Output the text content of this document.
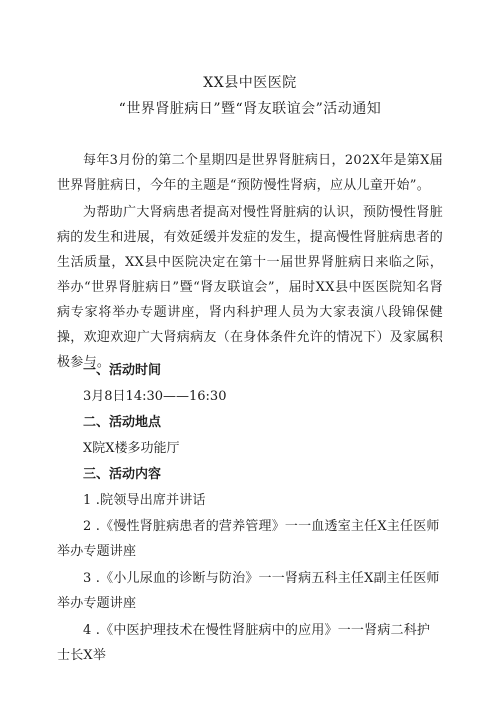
XX县中医医院
“世界肾脏病日”暨“肾友联谊会”活动通知

每年3月份的第二个星期四是世界肾脏病日，202X年是第X届世界肾脏病日，今年的主题是“预防慢性肾病，应从儿童开始”。

为帮助广大肾病患者提高对慢性肾脏病的认识，预防慢性肾脏病的发生和进展，有效延缓并发症的发生，提高慢性肾脏病患者的生活质量，XX县中医院决定在第十一届世界肾脏病日来临之际，举办“世界肾脏病日”暨“肾友联谊会”，届时XX县中医医院知名肾病专家将举办专题讲座，肾内科护理人员为大家表演八段锦保健操，欢迎欢迎广大肾病病友（在身体条件允许的情况下）及家属积极参与。

一、活动时间

3月8日14:30——16:30

二、活动地点

X院X楼多功能厅

三、活动内容

1 .院领导出席并讲话

2 .《慢性肾脏病患者的营养管理》一一血透室主任X主任医师举办专题讲座

3 .《小儿尿血的诊断与防治》一一肾病五科主任X副主任医师举办专题讲座

4 .《中医护理技术在慢性肾脏病中的应用》一一肾病二科护士长X举
